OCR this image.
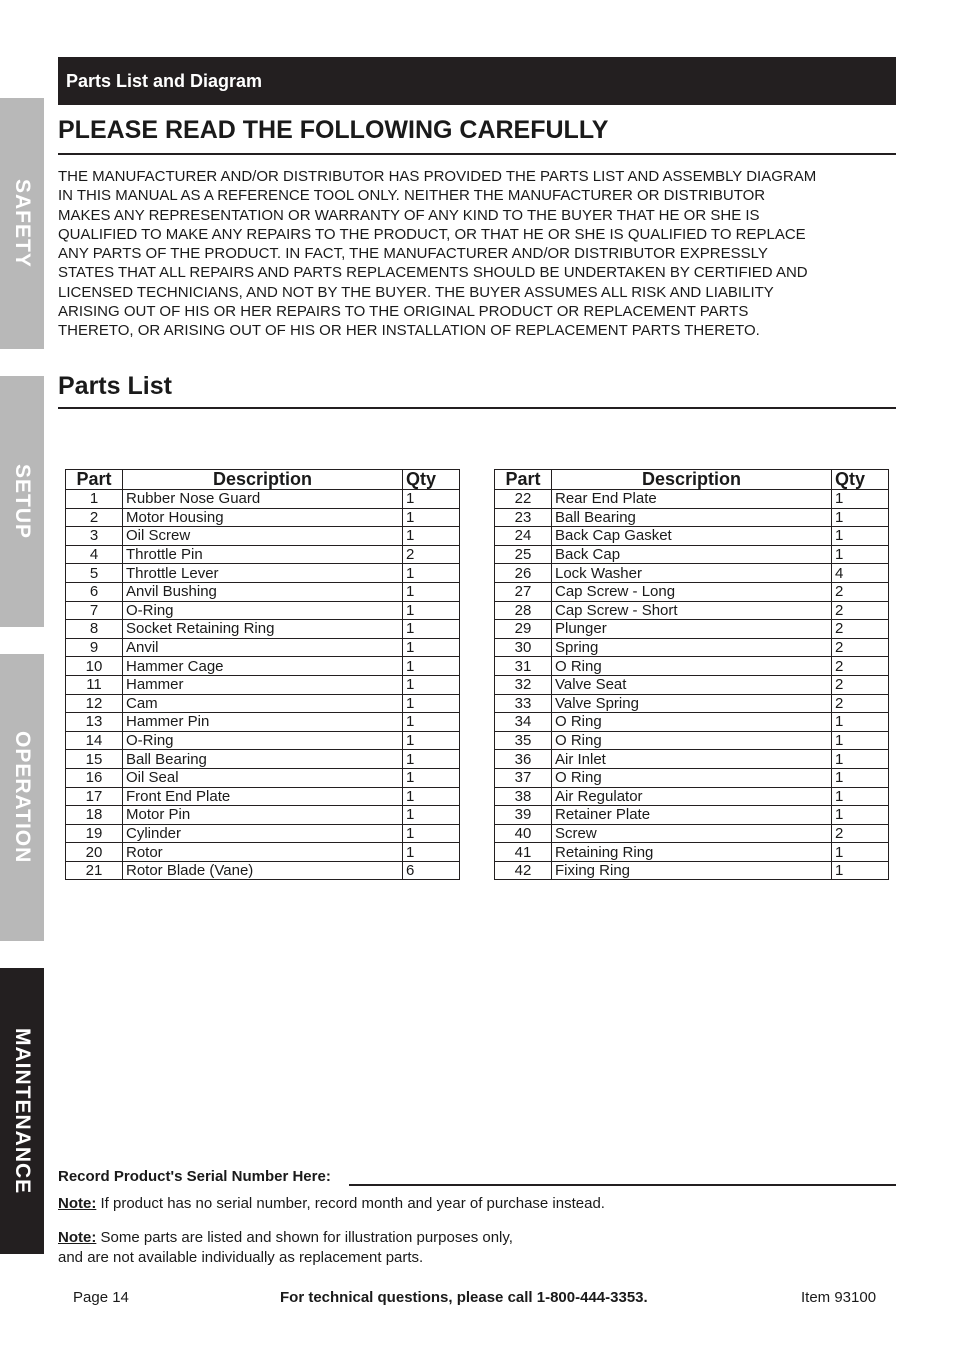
SAFETY
SETUP
OPERATION
MAINTENANCE
Parts List and Diagram
PLEASE READ THE FOLLOWING CAREFULLY

THE MANUFACTURER AND/OR DISTRIBUTOR HAS PROVIDED THE PARTS LIST AND ASSEMBLY DIAGRAM
IN THIS MANUAL AS A REFERENCE TOOL ONLY. NEITHER THE MANUFACTURER OR DISTRIBUTOR
MAKES ANY REPRESENTATION OR WARRANTY OF ANY KIND TO THE BUYER THAT HE OR SHE IS
QUALIFIED TO MAKE ANY REPAIRS TO THE PRODUCT, OR THAT HE OR SHE IS QUALIFIED TO REPLACE
ANY PARTS OF THE PRODUCT. IN FACT, THE MANUFACTURER AND/OR DISTRIBUTOR EXPRESSLY
STATES THAT ALL REPAIRS AND PARTS REPLACEMENTS SHOULD BE UNDERTAKEN BY CERTIFIED AND
LICENSED TECHNICIANS, AND NOT BY THE BUYER. THE BUYER ASSUMES ALL RISK AND LIABILITY
ARISING OUT OF HIS OR HER REPAIRS TO THE ORIGINAL PRODUCT OR REPLACEMENT PARTS
THERETO, OR ARISING OUT OF HIS OR HER INSTALLATION OF REPLACEMENT PARTS THERETO.

Parts List
Part	Description	Qty
1	Rubber Nose Guard	1
2	Motor Housing	1
3	Oil Screw	1
4	Throttle Pin	2
5	Throttle Lever	1
6	Anvil Bushing	1
7	O-Ring	1
8	Socket Retaining Ring	1
9	Anvil	1
10	Hammer Cage	1
11	Hammer	1
12	Cam	1
13	Hammer Pin	1
14	O-Ring	1
15	Ball Bearing	1
16	Oil Seal	1
17	Front End Plate	1
18	Motor Pin	1
19	Cylinder	1
20	Rotor	1
21	Rotor Blade (Vane)	6
Part	Description	Qty
22	Rear End Plate	1
23	Ball Bearing	1
24	Back Cap Gasket	1
25	Back Cap	1
26	Lock Washer	4
27	Cap Screw - Long	2
28	Cap Screw - Short	2
29	Plunger	2
30	Spring	2
31	O Ring	2
32	Valve Seat	2
33	Valve Spring	2
34	O Ring	1
35	O Ring	1
36	Air Inlet	1
37	O Ring	1
38	Air Regulator	1
39	Retainer Plate	1
40	Screw	2
41	Retaining Ring	1
42	Fixing Ring	1
Record Product's Serial Number Here:
Note: If product has no serial number, record month and year of purchase instead.
Note: Some parts are listed and shown for illustration purposes only,
and are not available individually as replacement parts.
Page 14	For technical questions, please call 1-800-444-3353.	Item 93100
